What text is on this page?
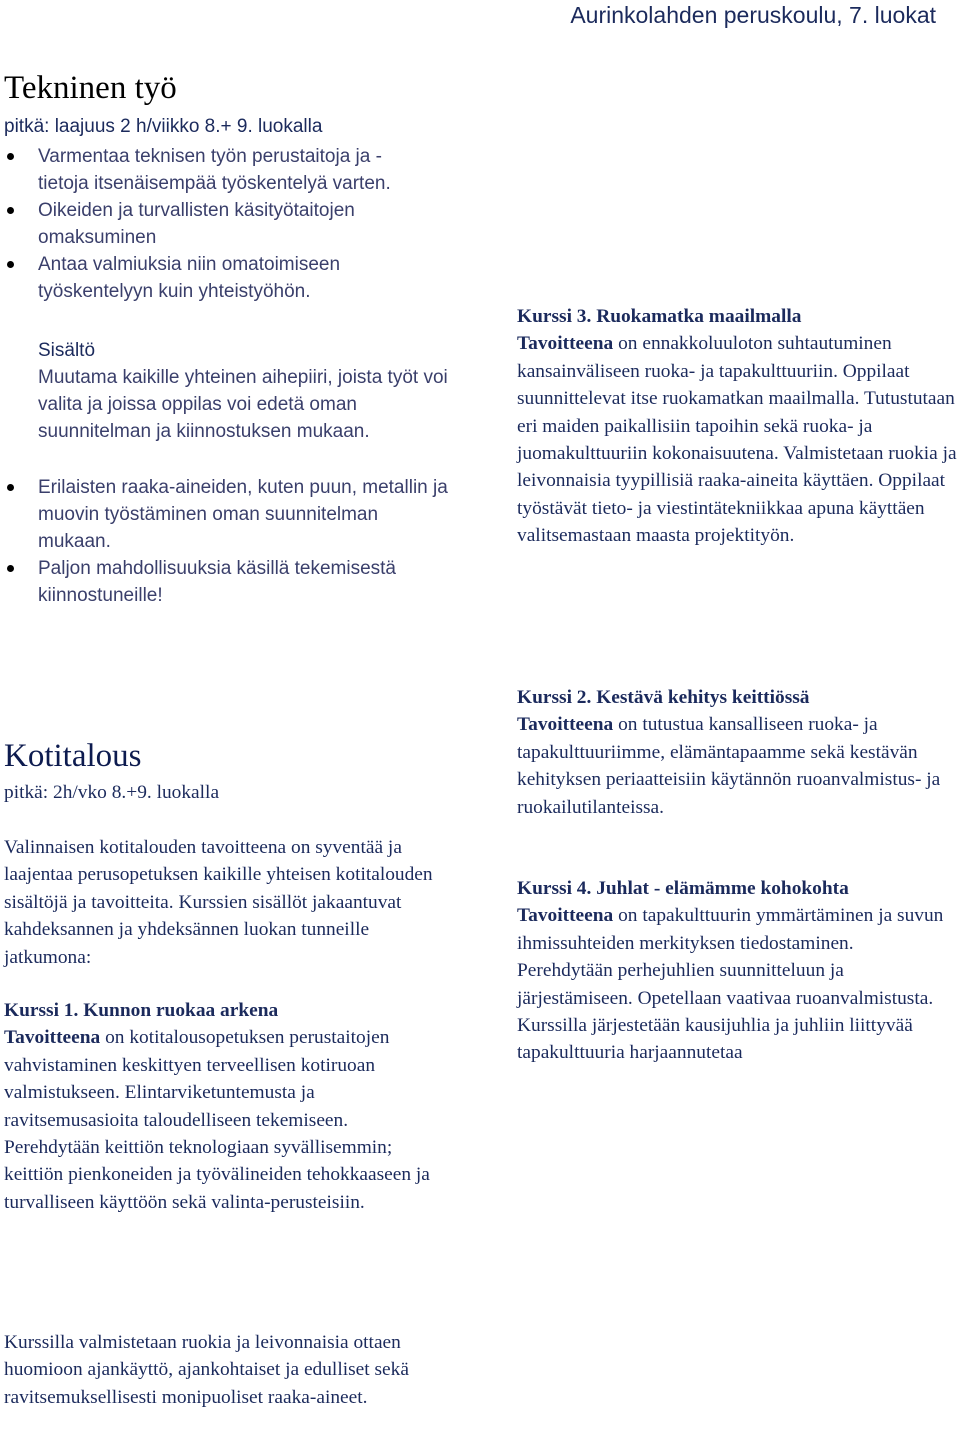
Aurinkolahden peruskoulu, 7. luokat
Tekninen työ
pitkä: laajuus 2 h/viikko 8.+ 9. luokalla
Varmentaa teknisen työn perustaitoja ja -tietoja itsenäisempää työskentelyä varten.
Oikeiden ja turvallisten käsityötaitojen omaksuminen
Antaa valmiuksia niin omatoimiseen työskentelyyn kuin yhteistyöhön.
Sisältö
Muutama kaikille yhteinen aihepiiri, joista työt voi valita ja joissa oppilas voi edetä oman suunnitelman ja kiinnostuksen mukaan.
Erilaisten raaka-aineiden, kuten puun, metallin ja muovin työstäminen oman suunnitelman mukaan.
Paljon mahdollisuuksia käsillä tekemisestä kiinnostuneille!

Kurssi 3. Ruokamatka maailmalla

Tavoitteena on ennakkoluuloton suhtautuminen kansainväliseen ruoka- ja tapakulttuuriin. Oppilaat suunnittelevat itse ruokamatkan maailmalla. Tutustutaan eri maiden paikallisiin tapoihin sekä ruoka- ja juomakulttuuriin kokonaisuutena. Valmistetaan ruokia ja leivonnaisia tyypillisiä raaka-aineita käyttäen. Oppilaat työstävät tieto- ja viestintätekniikkaa apuna käyttäen valitsemastaan maasta projektityön.

Kotitalous
pitkä: 2h/vko 8.+9. luokalla
Valinnaisen kotitalouden tavoitteena on syventää ja laajentaa perusopetuksen kaikille yhteisen kotitalouden sisältöjä ja tavoitteita. Kurssien sisällöt jakaantuvat kahdeksannen ja yhdeksännen luokan tunneille jatkumona:

Kurssi 1. Kunnon ruokaa arkena

Tavoitteena on kotitalousopetuksen perustaitojen vahvistaminen keskittyen terveellisen kotiruoan valmistukseen. Elintarviketuntemusta ja ravitsemusasioita taloudelliseen tekemiseen. Perehdytään keittiön teknologiaan syvällisemmin; keittiön pienkoneiden ja työvälineiden tehokkaaseen ja turvalliseen käyttöön sekä valinta-perusteisiin.

Kurssi 2. Kestävä kehitys keittiössä

Tavoitteena on tutustua kansalliseen ruoka- ja tapakulttuuriimme, elämäntapaamme sekä kestävän kehityksen periaatteisiin käytännön ruoanvalmistus- ja ruokailutilanteissa.

Kurssi 4. Juhlat - elämämme kohokohta

Tavoitteena on tapakulttuurin ymmärtäminen ja suvun ihmissuhteiden merkityksen tiedostaminen.

Perehdytään perhejuhlien suunnitteluun ja järjestämiseen. Opetellaan vaativaa ruoanvalmistusta. Kurssilla järjestetään kausijuhlia ja juhliin liittyvää tapakulttuuria harjaannutetaa

Kurssilla valmistetaan ruokia ja leivonnaisia ottaen huomioon ajankäyttö, ajankohtaiset ja edulliset sekä ravitsemuksellisesti monipuoliset raaka-aineet.
